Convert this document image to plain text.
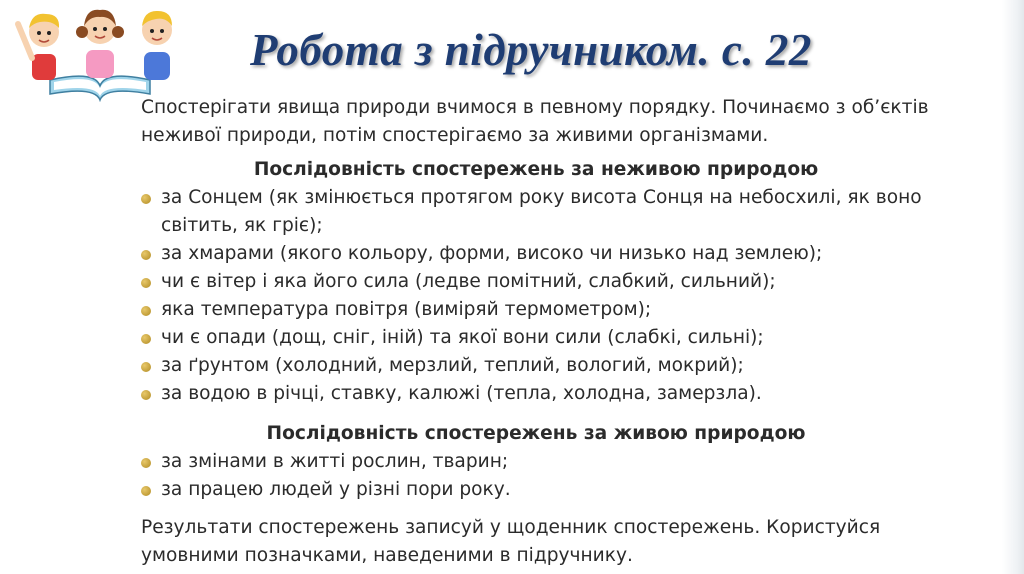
Робота з підручником. с. 22

Спостерігати явища природи вчимося в певному порядку. Починаємо з об’єктів неживої природи, потім спостерігаємо за живими організмами.

Послідовність спостережень за неживою природою
за Сонцем (як змінюється протягом року висота Сонця на небосхилі, як воно світить, як гріє);
за хмарами (якого кольору, форми, високо чи низько над землею);
чи є вітер і яка його сила (ледве помітний, слабкий, сильний);
яка температура повітря (виміряй термометром);
чи є опади (дощ, сніг, іній) та якої вони сили (слабкі, сильні);
за ґрунтом (холодний, мерзлий, теплий, вологий, мокрий);
за водою в річці, ставку, калюжі (тепла, холодна, замерзла).
Послідовність спостережень за живою природою
за змінами в житті рослин, тварин;
за працею людей у різні пори року.

Результати спостережень записуй у щоденник спостережень. Користуйся умовними позначками, наведеними в підручнику.
